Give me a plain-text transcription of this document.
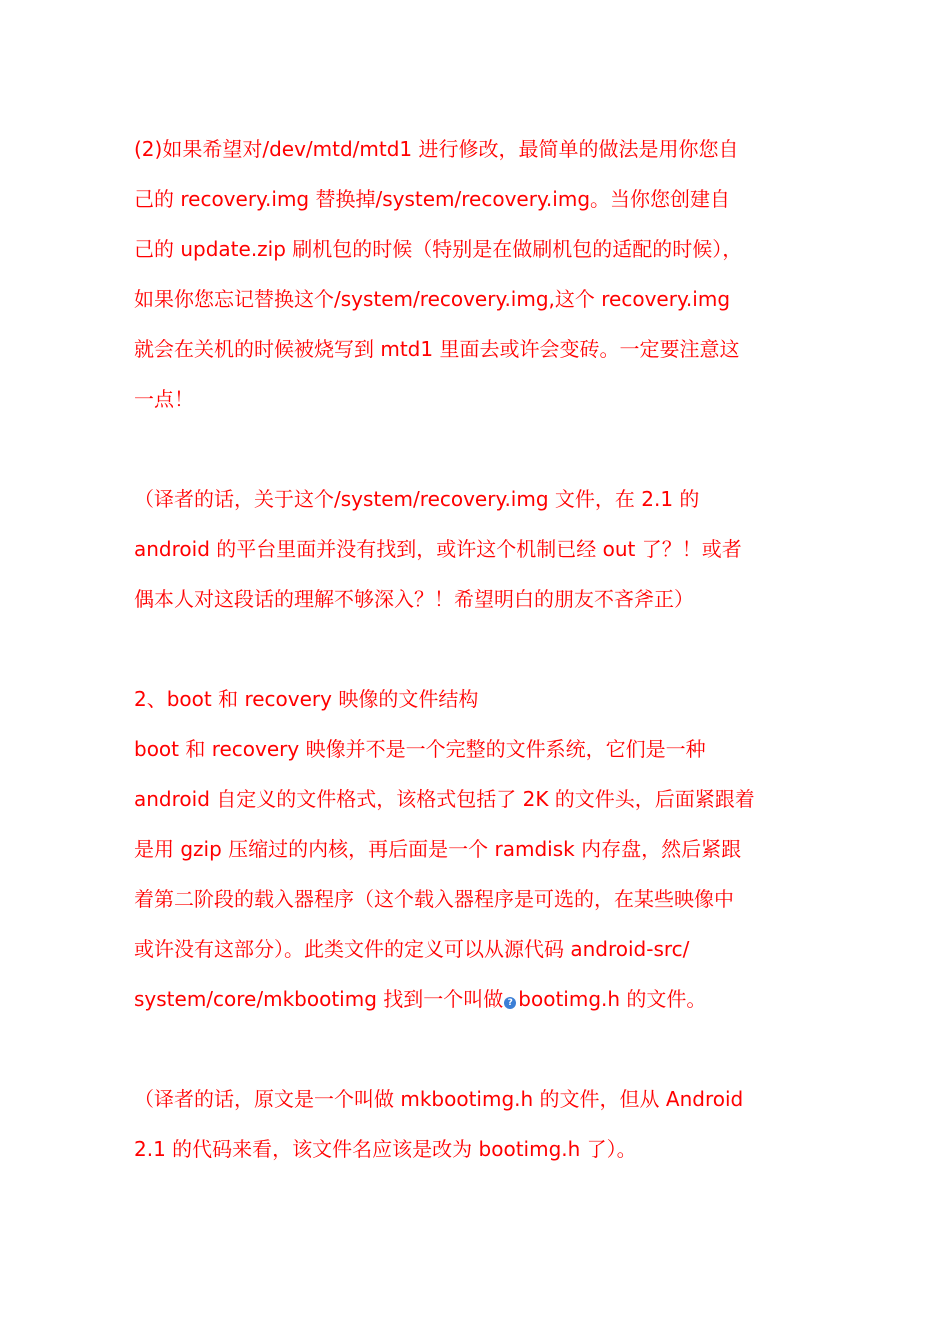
(2)如果希望对/dev/mtd/mtd1 进行修改，最简单的做法是用你您自
己的 recovery.img 替换掉/system/recovery.img。当你您创建自
己的 update.zip 刷机包的时候（特别是在做刷机包的适配的时候），
如果你您忘记替换这个/system/recovery.img,这个 recovery.img
就会在关机的时候被烧写到 mtd1 里面去或许会变砖。一定要注意这
一点！
（译者的话，关于这个/system/recovery.img 文件，在 2.1 的
android 的平台里面并没有找到，或许这个机制已经 out 了？！或者
偶本人对这段话的理解不够深入？！希望明白的朋友不吝斧正）
2、boot 和 recovery 映像的文件结构
boot 和 recovery 映像并不是一个完整的文件系统，它们是一种
android 自定义的文件格式，该格式包括了 2K 的文件头，后面紧跟着
是用 gzip 压缩过的内核，再后面是一个 ramdisk 内存盘，然后紧跟
着第二阶段的载入器程序（这个载入器程序是可选的，在某些映像中
或许没有这部分）。此类文件的定义可以从源代码 android-src/
system/core/mkbootimg 找到一个叫做 ? bootimg.h 的文件。
（译者的话，原文是一个叫做 mkbootimg.h 的文件，但从 Android
2.1 的代码来看，该文件名应该是改为 bootimg.h 了）。
